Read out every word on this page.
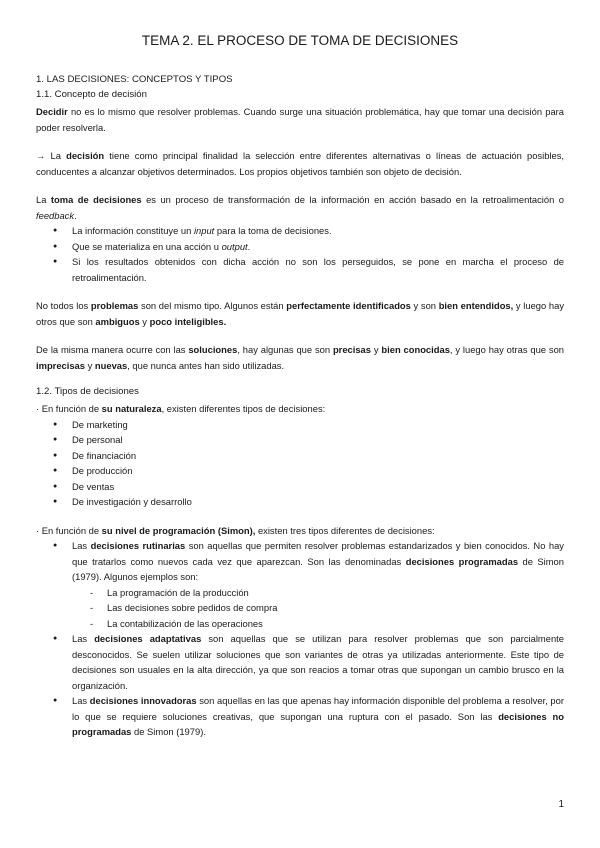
TEMA 2. EL PROCESO DE TOMA DE DECISIONES
1. LAS DECISIONES: CONCEPTOS Y TIPOS
1.1. Concepto de decisión

Decidir no es lo mismo que resolver problemas. Cuando surge una situación problemática, hay que tomar una decisión para poder resolverla.

→ La decisión tiene como principal finalidad la selección entre diferentes alternativas o líneas de actuación posibles, conducentes a alcanzar objetivos determinados. Los propios objetivos también son objeto de decisión.

La toma de decisiones es un proceso de transformación de la información en acción basado en la retroalimentación o feedback.

● La información constituye un input para la toma de decisiones.
● Que se materializa en una acción u output.
● Si los resultados obtenidos con dicha acción no son los perseguidos, se pone en marcha el proceso de retroalimentación.

No todos los problemas son del mismo tipo. Algunos están perfectamente identificados y son bien entendidos, y luego hay otros que son ambiguos y poco inteligibles.

De la misma manera ocurre con las soluciones, hay algunas que son precisas y bien conocidas, y luego hay otras que son imprecisas y nuevas, que nunca antes han sido utilizadas.

1.2. Tipos de decisiones

· En función de su naturaleza, existen diferentes tipos de decisiones:

● De marketing
● De personal
● De financiación
● De producción
● De ventas
● De investigación y desarrollo

· En función de su nivel de programación (Simon), existen tres tipos diferentes de decisiones:

● Las decisiones rutinarias son aquellas que permiten resolver problemas estandarizados y bien conocidos. No hay que tratarlos como nuevos cada vez que aparezcan. Son las denominadas decisiones programadas de Simon (1979). Algunos ejemplos son:
- La programación de la producción
- Las decisiones sobre pedidos de compra
- La contabilización de las operaciones
● Las decisiones adaptativas son aquellas que se utilizan para resolver problemas que son parcialmente desconocidos. Se suelen utilizar soluciones que son variantes de otras ya utilizadas anteriormente. Este tipo de decisiones son usuales en la alta dirección, ya que son reacios a tomar otras que supongan un cambio brusco en la organización.
● Las decisiones innovadoras son aquellas en las que apenas hay información disponible del problema a resolver, por lo que se requiere soluciones creativas, que supongan una ruptura con el pasado. Son las decisiones no programadas de Simon (1979).
1
